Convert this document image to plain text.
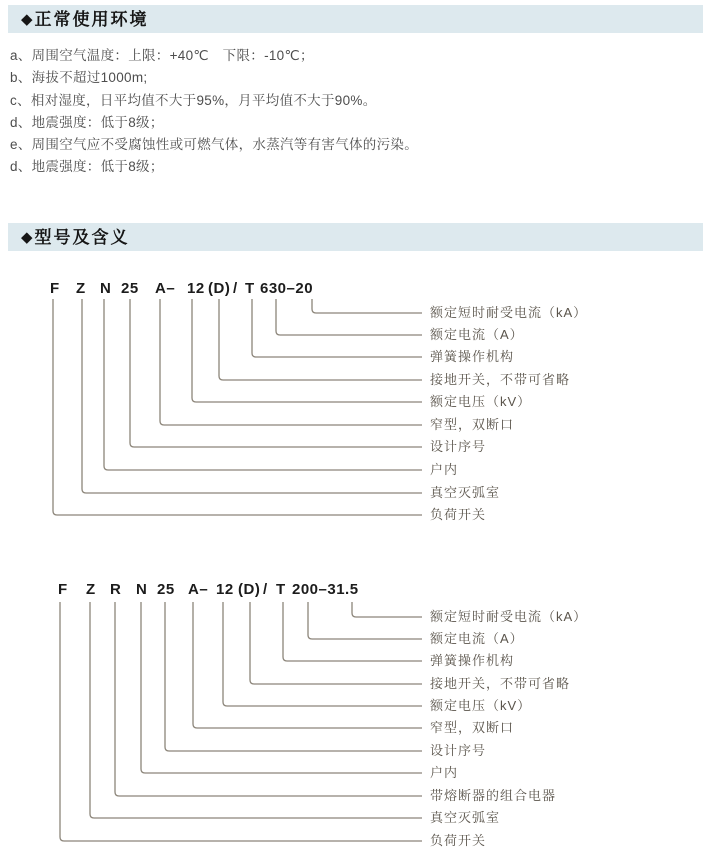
◆ 正常使用环境
a、周围空气温度：上限：+40℃　下限：-10℃；
b、海拔不超过1000m;
c、相对湿度，日平均值不大于95%，月平均值不大于90%。
d、地震强度：低于8级；
e、周围空气应不受腐蚀性或可燃气体，水蒸汽等有害气体的污染。
d、地震强度：低于8级；
◆ 型号及含义
F Z N 25 A– 12 (D) / T 630–20
额定短时耐受电流（kA）
额定电流（A）
弹簧操作机构
接地开关，不带可省略
额定电压（kV）
窄型，双断口
设计序号
户内
真空灭弧室
负荷开关
F Z R N 25 A– 12 (D) / T 200–31.5
额定短时耐受电流（kA）
额定电流（A）
弹簧操作机构
接地开关，不带可省略
额定电压（kV）
窄型，双断口
设计序号
户内
带熔断器的组合电器
真空灭弧室
负荷开关
